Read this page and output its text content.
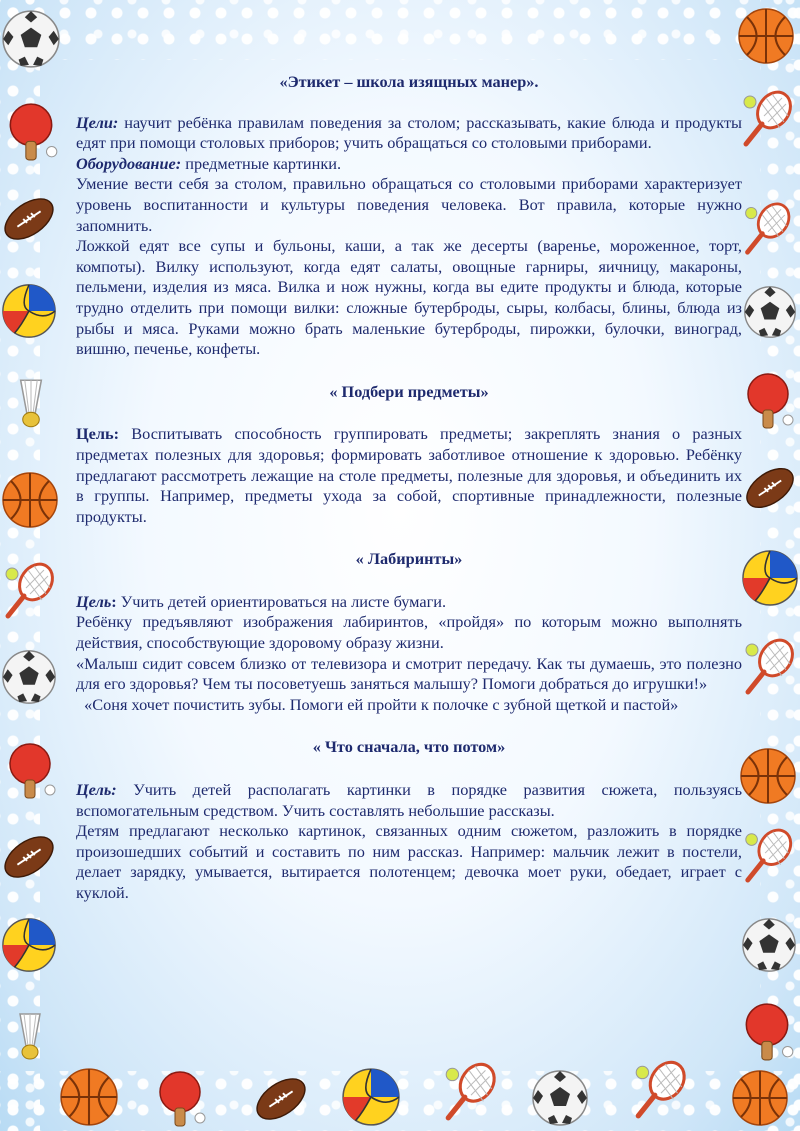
«Этикет – школа изящных манер».

Цели: научит ребёнка правилам поведения за столом; рассказывать, какие блюда и продукты едят при помощи столовых приборов; учить обращаться со столовыми приборами.

Оборудование: предметные картинки.

Умение вести себя за столом, правильно обращаться со столовыми приборами характеризует уровень воспитанности и культуры поведения человека. Вот правила, которые нужно запомнить.

Ложкой едят все супы и бульоны, каши, а так же десерты (варенье, мороженное, торт, компоты). Вилку используют, когда едят салаты, овощные гарниры, яичницу, макароны, пельмени, изделия из мяса. Вилка и нож нужны, когда вы едите продукты и блюда, которые трудно отделить при помощи вилки: сложные бутерброды, сыры, колбасы, блины, блюда из рыбы и мяса. Руками можно брать маленькие бутерброды, пирожки, булочки, виноград, вишню, печенье, конфеты.

« Подбери предметы»

Цель: Воспитывать способность группировать предметы; закреплять знания о разных предметах полезных для здоровья; формировать заботливое отношение к здоровью. Ребёнку предлагают рассмотреть лежащие на столе предметы, полезные для здоровья, и объединить их в группы. Например, предметы ухода за собой, спортивные принадлежности, полезные продукты.

« Лабиринты»

Цель: Учить детей ориентироваться на листе бумаги.

Ребёнку предъявляют изображения лабиринтов, «пройдя» по которым можно выполнять действия, способствующие здоровому образу жизни.

«Малыш сидит совсем близко от телевизора и смотрит передачу. Как ты думаешь, это полезно для его здоровья? Чем ты посоветуешь заняться малышу? Помоги добраться до игрушки!»

«Соня хочет почистить зубы. Помоги ей пройти к полочке с зубной щеткой и пастой»

« Что сначала, что потом»

Цель: Учить детей располагать картинки в порядке развития сюжета, пользуясь вспомогательным средством. Учить составлять небольшие рассказы.

Детям предлагают несколько картинок, связанных одним сюжетом, разложить в порядке произошедших событий и составить по ним рассказ. Например: мальчик лежит в постели, делает зарядку, умывается, вытирается полотенцем; девочка моет руки, обедает, играет с куклой.
